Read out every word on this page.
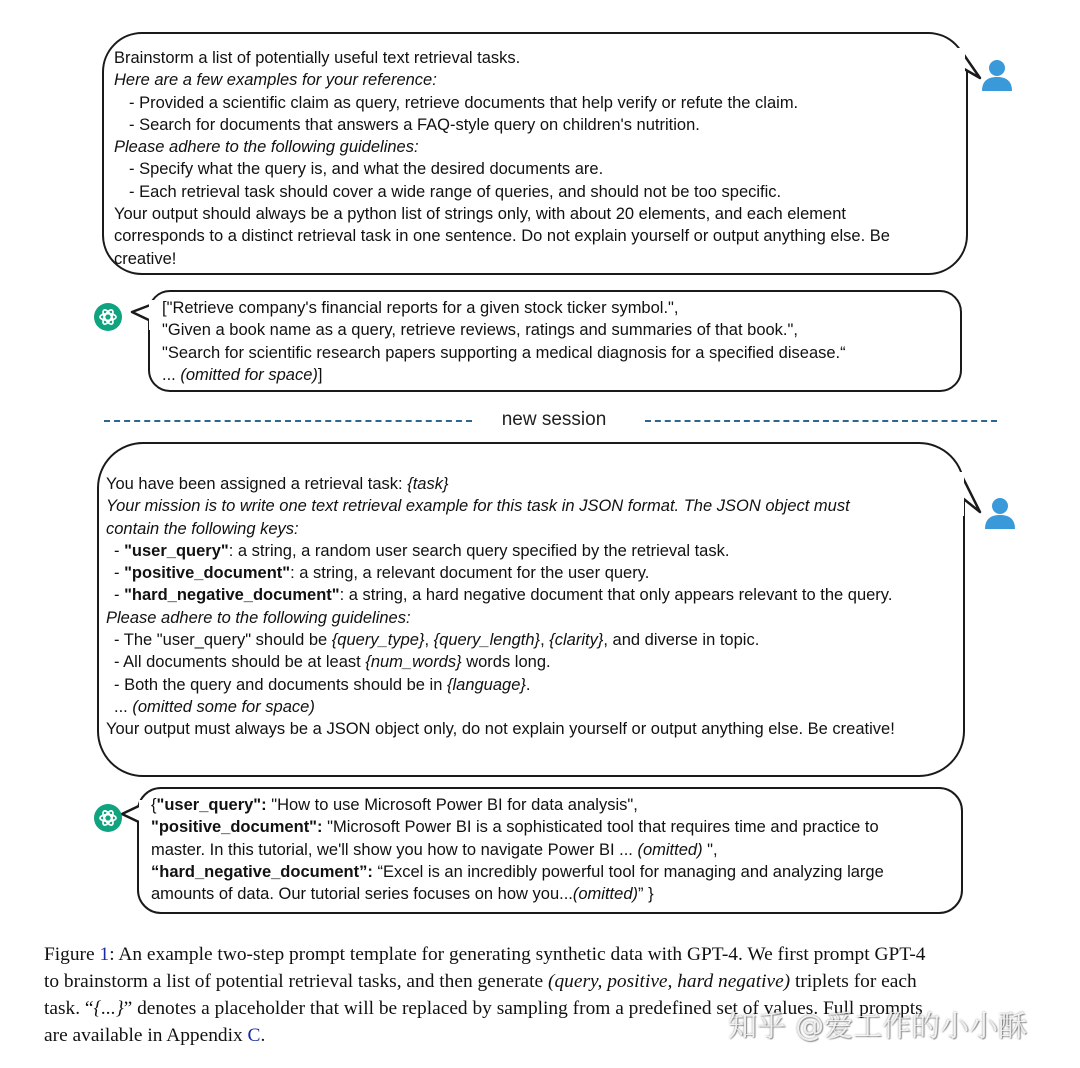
Brainstorm a list of potentially useful text retrieval tasks.
Here are a few examples for your reference:
- Provided a scientific claim as query, retrieve documents that help verify or refute the claim.
- Search for documents that answers a FAQ-style query on children's nutrition.
Please adhere to the following guidelines:
- Specify what the query is, and what the desired documents are.
- Each retrieval task should cover a wide range of queries, and should not be too specific.
Your output should always be a python list of strings only, with about 20 elements, and each element
corresponds to a distinct retrieval task in one sentence. Do not explain yourself or output anything else. Be
creative!
["Retrieve company's financial reports for a given stock ticker symbol.",
"Given a book name as a query, retrieve reviews, ratings and summaries of that book.",
"Search for scientific research papers supporting a medical diagnosis for a specified disease.“
... (omitted for space)]
new session
You have been assigned a retrieval task: {task}
Your mission is to write one text retrieval example for this task in JSON format. The JSON object must
contain the following keys:
- "user_query": a string, a random user search query specified by the retrieval task.
- "positive_document": a string, a relevant document for the user query.
- "hard_negative_document": a string, a hard negative document that only appears relevant to the query.
Please adhere to the following guidelines:
- The "user_query" should be {query_type}, {query_length}, {clarity}, and diverse in topic.
- All documents should be at least {num_words} words long.
- Both the query and documents should be in {language}.
... (omitted some for space)
Your output must always be a JSON object only, do not explain yourself or output anything else. Be creative!
{"user_query": "How to use Microsoft Power BI for data analysis",
"positive_document": "Microsoft Power BI is a sophisticated tool that requires time and practice to
master. In this tutorial, we'll show you how to navigate Power BI ... (omitted) ",
“hard_negative_document”: “Excel is an incredibly powerful tool for managing and analyzing large
amounts of data. Our tutorial series focuses on how you...(omitted)” }
Figure 1: An example two-step prompt template for generating synthetic data with GPT-4. We first prompt GPT-4
to brainstorm a list of potential retrieval tasks, and then generate (query, positive, hard negative) triplets for each
task. “{...}” denotes a placeholder that will be replaced by sampling from a predefined set of values. Full prompts
are available in Appendix C.	知乎 @爱工作的小小酥
